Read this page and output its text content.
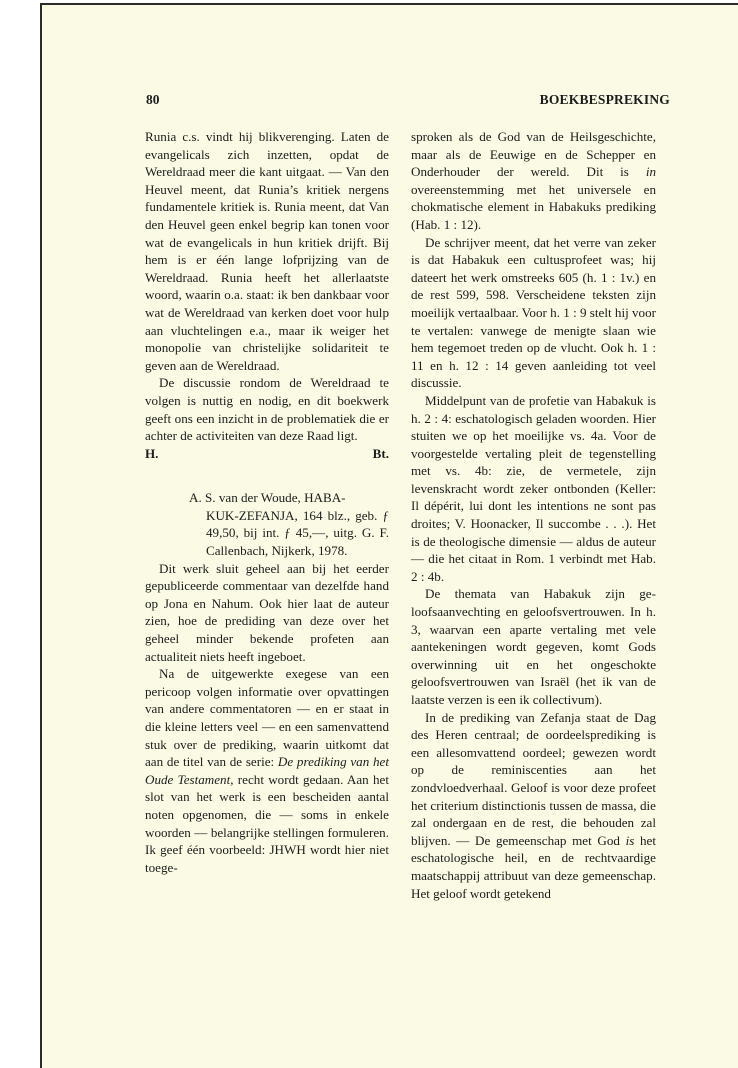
80	BOEKBESPREKING

Runia c.s. vindt hij blikverenging. Laten de evangelicals zich inzetten, opdat de Wereldraad meer die kant uitgaat. — Van den Heuvel meent, dat Runia’s kritiek nergens fundamentele kritiek is. Runia meent, dat Van den Heuvel geen enkel begrip kan tonen voor wat de evangelicals in hun kritiek drijft. Bij hem is er één lange lofprijzing van de Wereldraad. Runia heeft het allerlaatste woord, waarin o.a. staat: ik ben dankbaar voor wat de Wereldraad van kerken doet voor hulp aan vluchtelingen e.a., maar ik weiger het monopolie van christelijke solidariteit te geven aan de Wereldraad.

De discussie rondom de Wereldraad te volgen is nuttig en nodig, en dit boekwerk geeft ons een inzicht in de problematiek die er achter de activiteiten van deze Raad ligt.

H.	Bt.

A. S. van der Woude, HABA-

KUK-ZEFANJA, 164 blz., geb. ƒ 49,50, bij int. ƒ 45,—, uitg. G. F. Callenbach, Nijkerk, 1978.

Dit werk sluit geheel aan bij het eerder gepubliceerde commentaar van dezelfde hand op Jona en Nahum. Ook hier laat de auteur zien, hoe de prediding van deze over het geheel minder bekende profeten aan actualiteit niets heeft ingeboet.

Na de uitgewerkte exegese van een pericoop volgen informatie over opvattingen van andere commentatoren — en er staat in die kleine letters veel — en een samenvattend stuk over de prediking, waarin uitkomt dat aan de titel van de serie: De prediking van het Oude Testament, recht wordt gedaan. Aan het slot van het werk is een bescheiden aantal noten opgenomen, die — soms in enkele woorden — belangrijke stellingen formuleren. Ik geef één voorbeeld: JHWH wordt hier niet toege-

sproken als de God van de Heilsgeschichte, maar als de Eeuwige en de Schepper en Onderhouder der wereld. Dit is in overeenstemming met het universele en chokmatische element in Habakuks prediking (Hab. 1 : 12).

De schrijver meent, dat het verre van zeker is dat Habakuk een cultusprofeet was; hij dateert het werk omstreeks 605 (h. 1 : 1v.) en de rest 599, 598. Verscheidene teksten zijn moeilijk vertaalbaar. Voor h. 1 : 9 stelt hij voor te vertalen: vanwege de menigte slaan wie hem tegemoet treden op de vlucht. Ook h. 1 : 11 en h. 12 : 14 geven aanleiding tot veel discussie.

Middelpunt van de profetie van Habakuk is h. 2 : 4: eschatologisch geladen woorden. Hier stuiten we op het moeilijke vs. 4a. Voor de voorgestelde vertaling pleit de tegenstelling met vs. 4b: zie, de vermetele, zijn levenskracht wordt zeker ontbonden (Keller: Il dépérit, lui dont les intentions ne sont pas droites; V. Hoonacker, Il succombe . . .). Het is de theologische dimensie — aldus de auteur — die het citaat in Rom. 1 verbindt met Hab. 2 : 4b.

De themata van Habakuk zijn geloofsaanvechting en geloofsvertrouwen. In h. 3, waarvan een aparte vertaling met vele aantekeningen wordt gegeven, komt Gods overwinning uit en het ongeschokte geloofsvertrouwen van Israël (het ik van de laatste verzen is een ik collectivum).

In de prediking van Zefanja staat de Dag des Heren centraal; de oordeelsprediking is een allesomvattend oordeel; gewezen wordt op de reminiscenties aan het zondvloedverhaal. Geloof is voor deze profeet het criterium distinctionis tussen de massa, die zal ondergaan en de rest, die behouden zal blijven. — De gemeenschap met God is het eschatologische heil, en de rechtvaardige maatschappij attribuut van deze gemeenschap. Het geloof wordt getekend
